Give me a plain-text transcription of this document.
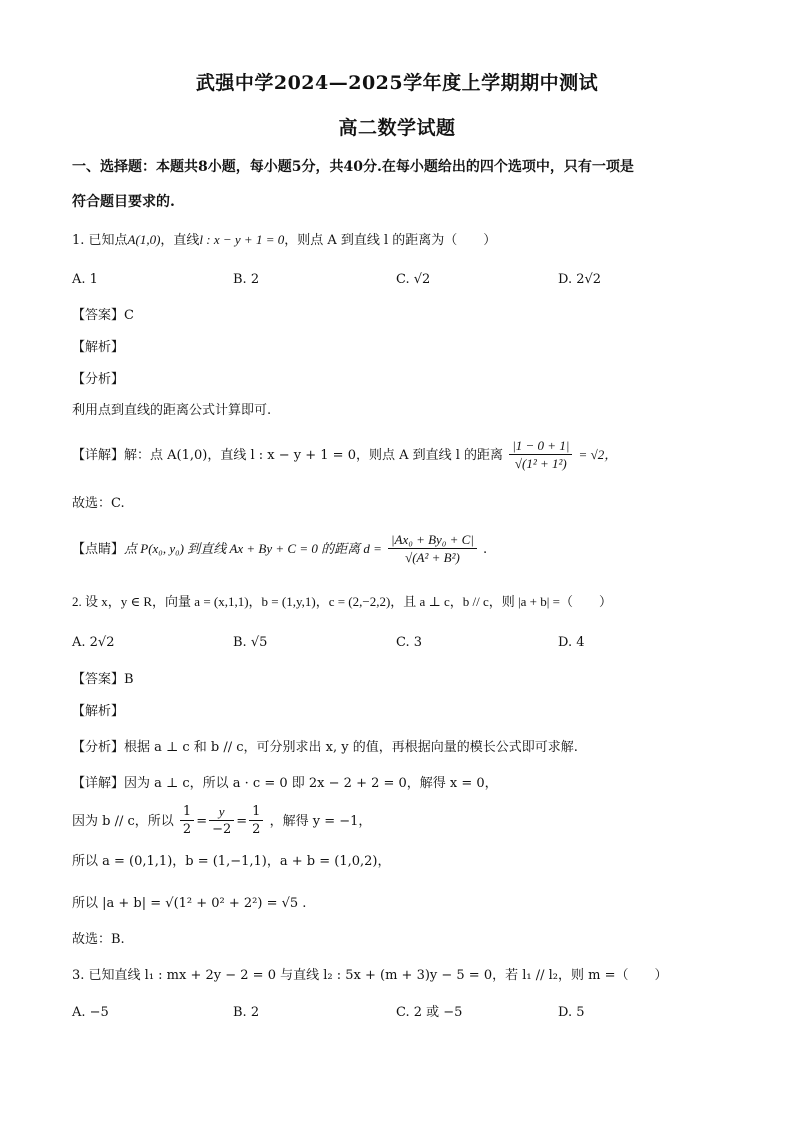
武强中学2024—2025学年度上学期期中测试
高二数学试题
一、选择题：本题共8小题，每小题5分，共40分.在每小题给出的四个选项中，只有一项是
符合题目要求的.
1. 已知点A(1,0)，直线l : x − y + 1 = 0，则点 A 到直线 l 的距离为（　　）
A. 1	B. 2	C. √2	D. 2√2
【答案】C
【解析】
【分析】
利用点到直线的距离公式计算即可.
【详解】解：点 A(1,0)，直线 l : x − y + 1 = 0，则点 A 到直线 l 的距离 $\frac{|1 - 0 + 1|}{\text{√(1² + 1²)}} = √2$，
故选：C.
【点睛】点 P(x₀, y₀) 到直线 Ax + By + C = 0 的距离 $d = \frac{\text{|Ax₀ + By₀ + C|}}{\text{√(A² + B²)}}$ .
2. 设 x，y ∈ R，向量 a = (x,1,1)，b = (1,y,1)，c = (2,−2,2)，且 a ⊥ c，b // c，则 |a + b| =（　　）
A. 2√2	B. √5	C. 3	D. 4
【答案】B
【解析】
【分析】根据 a ⊥ c 和 b // c，可分别求出 x, y 的值，再根据向量的模长公式即可求解.
【详解】因为 a ⊥ c，所以 a · c = 0 即 2x − 2 + 2 = 0，解得 x = 0，
因为 b // c，所以 $\frac{1}{2} = \frac{y}{-2} = \frac{1}{2}$ ，解得 y = −1，
所以 a = (0,1,1)，b = (1,−1,1)，a + b = (1,0,2)，
所以 |a + b| = √(1² + 0² + 2²) = √5 .
故选：B.
3. 已知直线 l₁ : mx + 2y − 2 = 0 与直线 l₂ : 5x + (m + 3)y − 5 = 0，若 l₁ // l₂，则 m =（　　）
A. −5	B. 2	C. 2 或 −5	D. 5
